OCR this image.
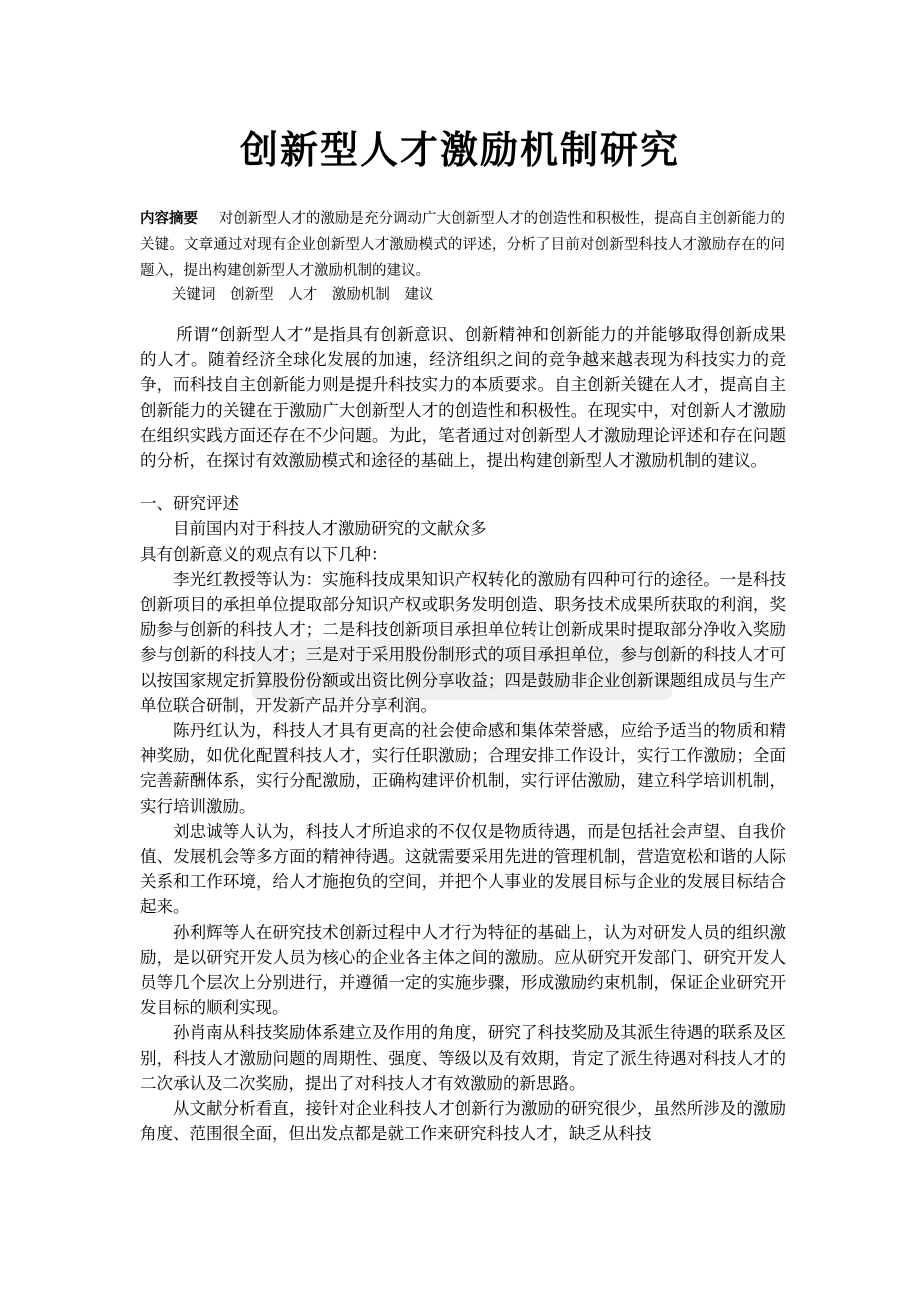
创新型人才激励机制研究
内容摘要 对创新型人才的激励是充分调动广大创新型人才的创造性和积极性，提高自主创新能力的关键。文章通过对现有企业创新型人才激励模式的评述，分析了目前对创新型科技人才激励存在的问题入，提出构建创新型人才激励机制的建议。
关键词 创新型 人才 激励机制 建议

所谓“创新型人才”是指具有创新意识、创新精神和创新能力的并能够取得创新成果的人才。随着经济全球化发展的加速，经济组织之间的竞争越来越表现为科技实力的竞争，而科技自主创新能力则是提升科技实力的本质要求。自主创新关键在人才，提高自主创新能力的关键在于激励广大创新型人才的创造性和积极性。在现实中，对创新人才激励在组织实践方面还存在不少问题。为此，笔者通过对创新型人才激励理论评述和存在问题的分析，在探讨有效激励模式和途径的基础上，提出构建创新型人才激励机制的建议。

一、研究评述

目前国内对于科技人才激励研究的文献众多

具有创新意义的观点有以下几种：

李光红教授等认为：实施科技成果知识产权转化的激励有四种可行的途径。一是科技创新项目的承担单位提取部分知识产权或职务发明创造、职务技术成果所获取的利润，奖励参与创新的科技人才；二是科技创新项目承担单位转让创新成果时提取部分净收入奖励参与创新的科技人才；三是对于采用股份制形式的项目承担单位，参与创新的科技人才可以按国家规定折算股份份额或出资比例分享收益；四是鼓励非企业创新课题组成员与生产单位联合研制，开发新产品并分享利润。

陈丹红认为，科技人才具有更高的社会使命感和集体荣誉感，应给予适当的物质和精神奖励，如优化配置科技人才，实行任职激励；合理安排工作设计，实行工作激励；全面完善薪酬体系，实行分配激励，正确构建评价机制，实行评估激励，建立科学培训机制，实行培训激励。

刘忠诚等人认为，科技人才所追求的不仅仅是物质待遇，而是包括社会声望、自我价值、发展机会等多方面的精神待遇。这就需要采用先进的管理机制，营造宽松和谐的人际关系和工作环境，给人才施抱负的空间，并把个人事业的发展目标与企业的发展目标结合起来。

孙利辉等人在研究技术创新过程中人才行为特征的基础上，认为对研发人员的组织激励，是以研究开发人员为核心的企业各主体之间的激励。应从研究开发部门、研究开发人员等几个层次上分别进行，并遵循一定的实施步骤，形成激励约束机制，保证企业研究开发目标的顺利实现。

孙肖南从科技奖励体系建立及作用的角度，研究了科技奖励及其派生待遇的联系及区别，科技人才激励问题的周期性、强度、等级以及有效期，肯定了派生待遇对科技人才的二次承认及二次奖励，提出了对科技人才有效激励的新思路。

从文献分析看直，接针对企业科技人才创新行为激励的研究很少，虽然所涉及的激励角度、范围很全面，但出发点都是就工作来研究科技人才，缺乏从科技
